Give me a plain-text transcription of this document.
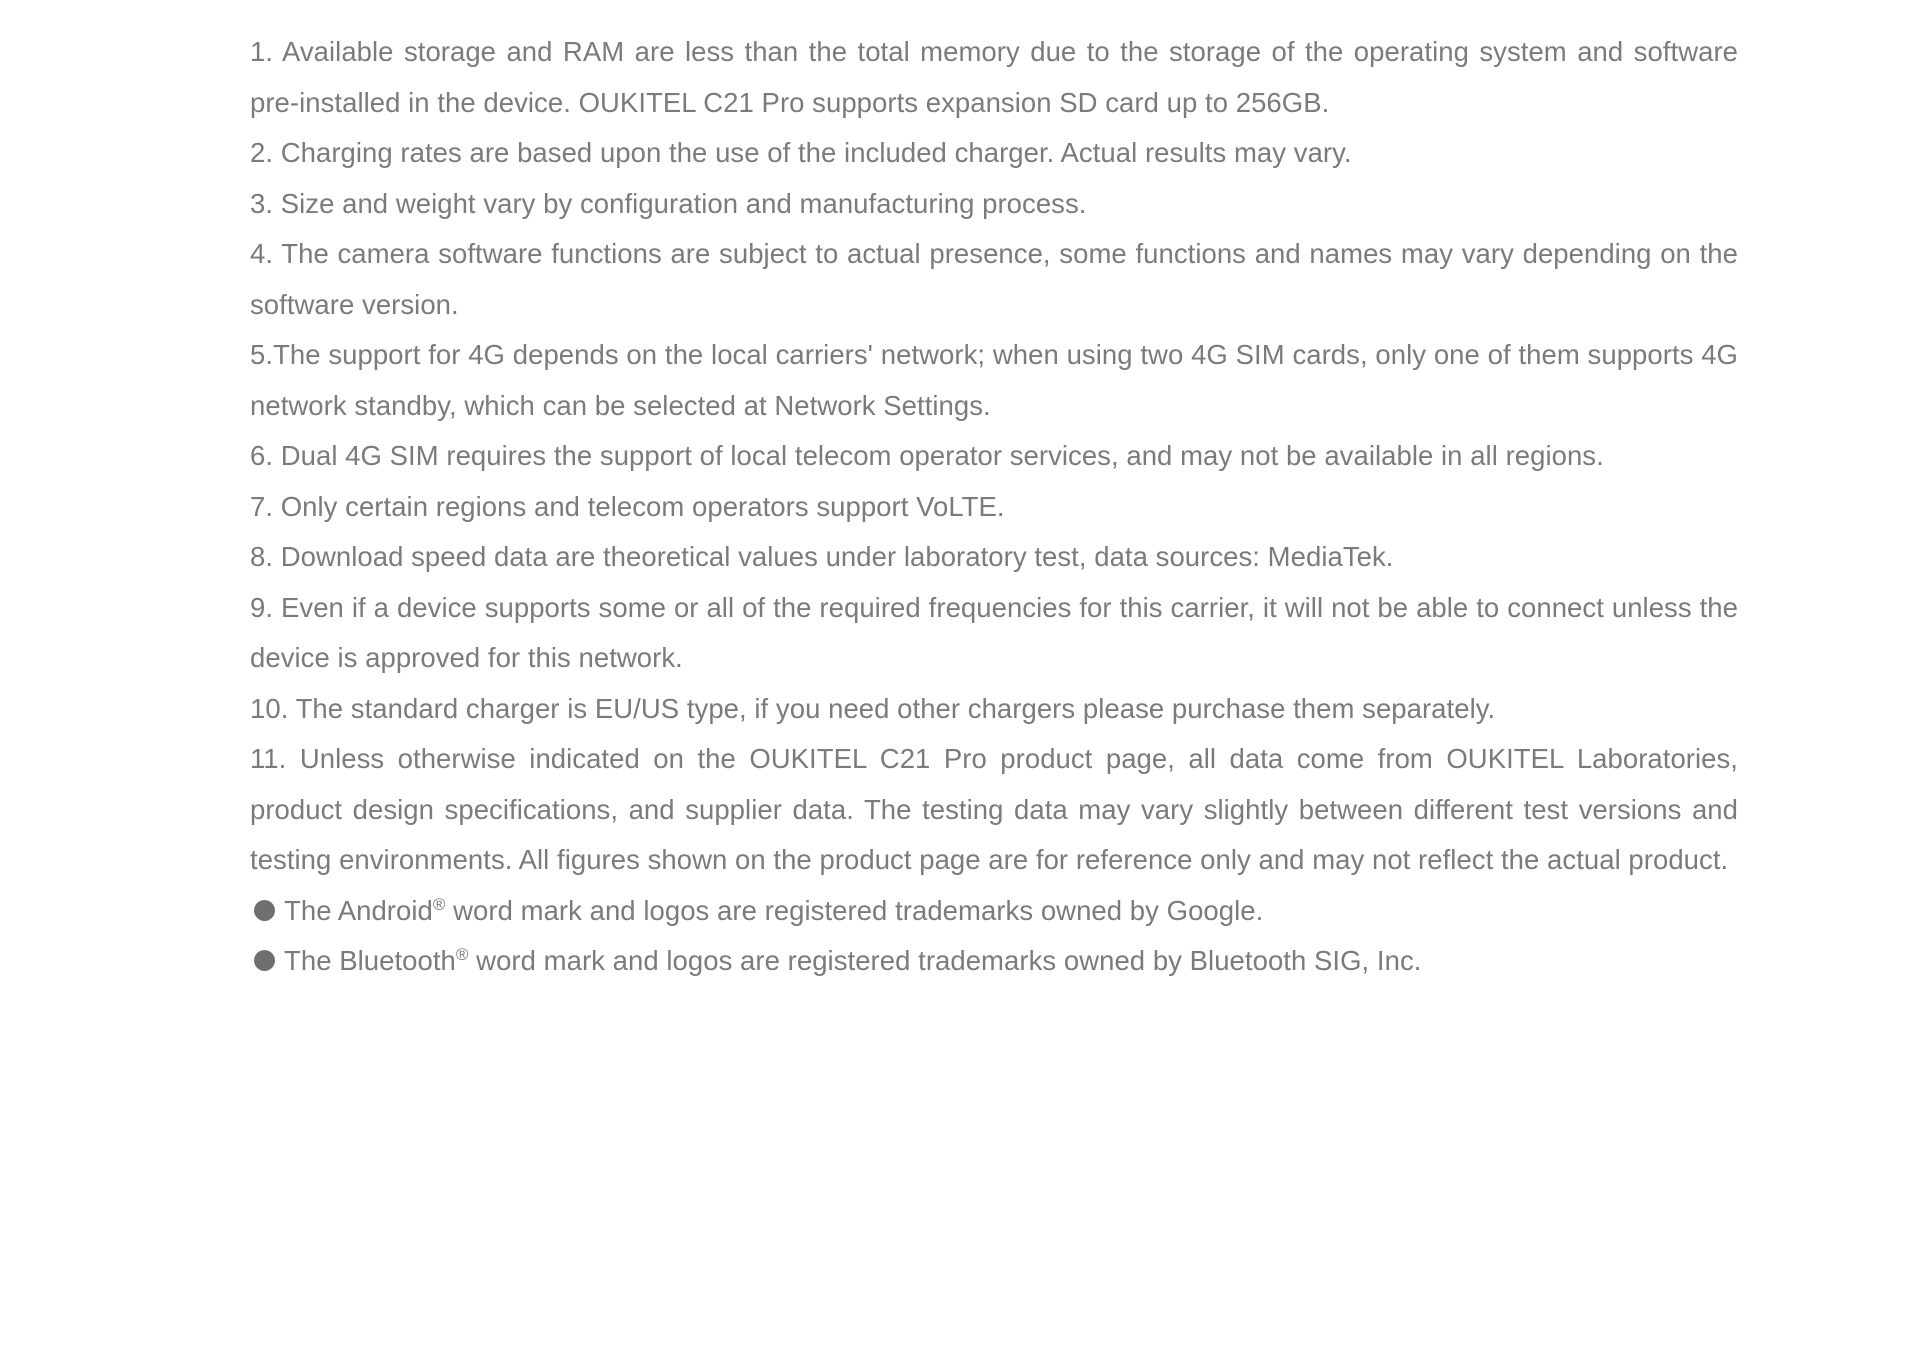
1. Available storage and RAM are less than the total memory due to the storage of the operating system and software pre-installed in the device. OUKITEL C21 Pro supports expansion SD card up to 256GB.

2. Charging rates are based upon the use of the included charger. Actual results may vary.

3. Size and weight vary by configuration and manufacturing process.

4. The camera software functions are subject to actual presence, some functions and names may vary depending on the software version.

5.The support for 4G depends on the local carriers' network; when using two 4G SIM cards, only one of them supports 4G network standby, which can be selected at Network Settings.

6. Dual 4G SIM requires the support of local telecom operator services, and may not be available in all regions.

7. Only certain regions and telecom operators support VoLTE.

8. Download speed data are theoretical values under laboratory test, data sources: MediaTek.

9. Even if a device supports some or all of the required frequencies for this carrier, it will not be able to connect unless the device is approved for this network.

10. The standard charger is EU/US type, if you need other chargers please purchase them separately.

11. Unless otherwise indicated on the OUKITEL C21 Pro product page, all data come from OUKITEL Laboratories, product design specifications, and supplier data. The testing data may vary slightly between different test versions and testing environments. All figures shown on the product page are for reference only and may not reflect the actual product.

The Android® word mark and logos are registered trademarks owned by Google.

The Bluetooth® word mark and logos are registered trademarks owned by Bluetooth SIG, Inc.
